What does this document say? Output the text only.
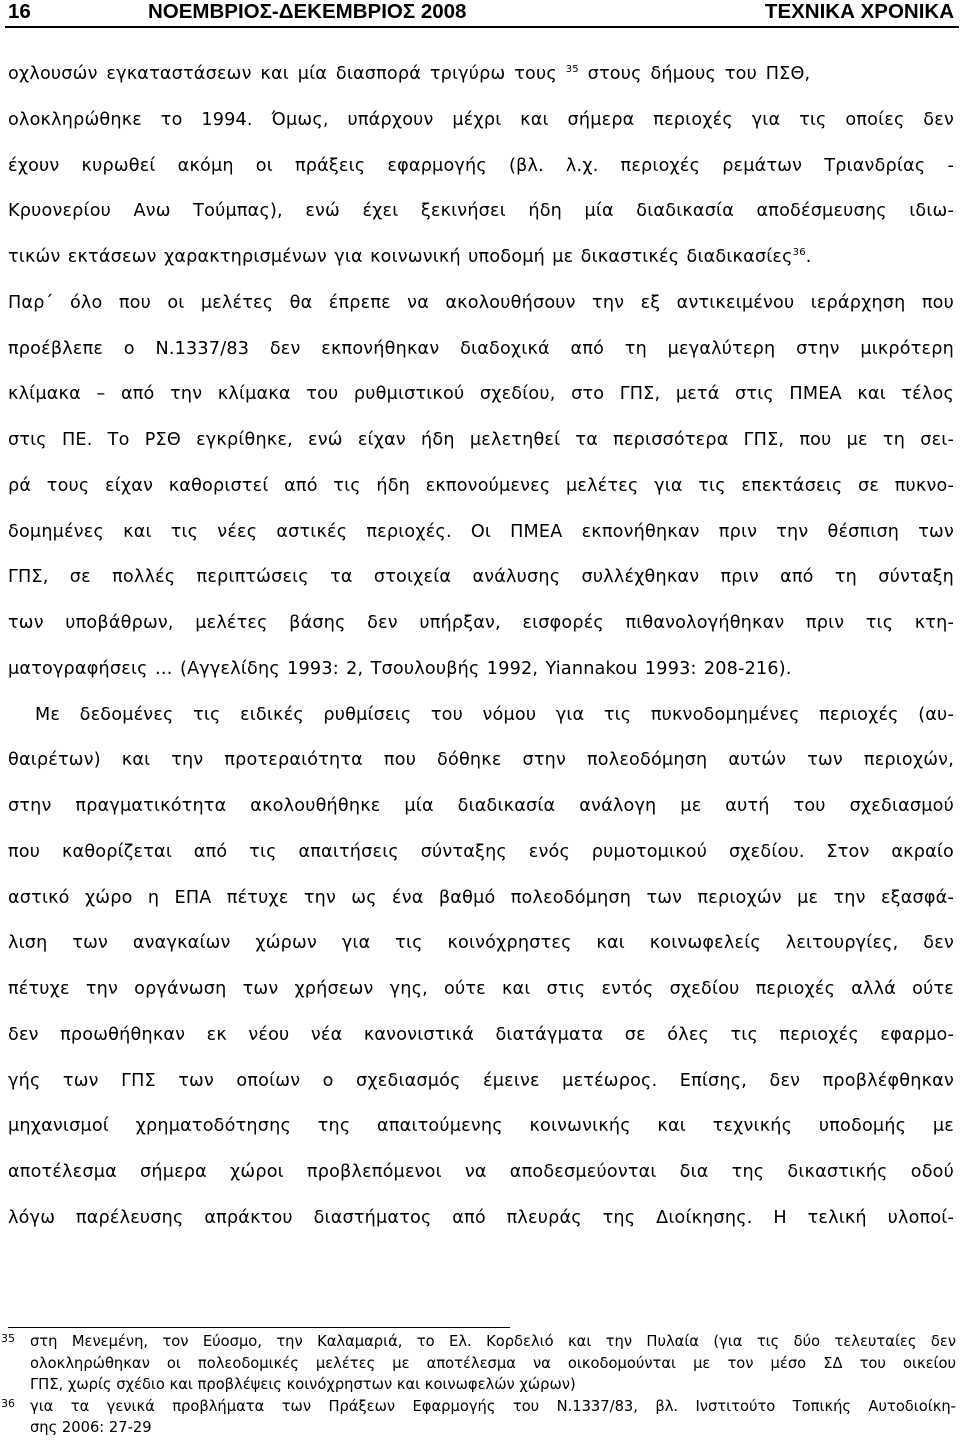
16	ΝΟΕΜΒΡΙΟΣ-ΔΕΚΕΜΒΡΙΟΣ 2008	ΤΕΧΝΙΚΑ ΧΡΟΝΙΚΑ
οχλουσών εγκαταστάσεων και μία διασπορά τριγύρω τους $^{35}$ στους δήμους του ΠΣΘ,
ολοκληρώθηκε το 1994. Όμως, υπάρχουν μέχρι και σήμερα περιοχές για τις οποίες δεν
έχουν κυρωθεί ακόμη οι πράξεις εφαρμογής (βλ. λ.χ. περιοχές ρεμάτων Τριανδρίας -
Κρυονερίου Ανω Τούμπας), ενώ έχει ξεκινήσει ήδη μία διαδικασία αποδέσμευσης ιδιω-
τικών εκτάσεων χαρακτηρισμένων για κοινωνική υποδομή με δικαστικές διαδικασίες$^{36}$.
Παρ΄ όλο που οι μελέτες θα έπρεπε να ακολουθήσουν την εξ αντικειμένου ιεράρχηση που
προέβλεπε ο Ν.1337/83 δεν εκπονήθηκαν διαδοχικά από τη μεγαλύτερη στην μικρότερη
κλίμακα – από την κλίμακα του ρυθμιστικού σχεδίου, στο ΓΠΣ, μετά στις ΠΜΕΑ και τέλος
στις ΠΕ. Το ΡΣΘ εγκρίθηκε, ενώ είχαν ήδη μελετηθεί τα περισσότερα ΓΠΣ, που με τη σει-
ρά τους είχαν καθοριστεί από τις ήδη εκπονούμενες μελέτες για τις επεκτάσεις σε πυκνο-
δομημένες και τις νέες αστικές περιοχές. Οι ΠΜΕΑ εκπονήθηκαν πριν την θέσπιση των
ΓΠΣ, σε πολλές περιπτώσεις τα στοιχεία ανάλυσης συλλέχθηκαν πριν από τη σύνταξη
των υποβάθρων, μελέτες βάσης δεν υπήρξαν, εισφορές πιθανολογήθηκαν πριν τις κτη-
ματογραφήσεις … (Αγγελίδης 1993: 2, Τσουλουβής 1992, Yiannakou 1993: 208-216).
Με δεδομένες τις ειδικές ρυθμίσεις του νόμου για τις πυκνοδομημένες περιοχές (αυ-
θαιρέτων) και την προτεραιότητα που δόθηκε στην πολεοδόμηση αυτών των περιοχών,
στην πραγματικότητα ακολουθήθηκε μία διαδικασία ανάλογη με αυτή του σχεδιασμού
που καθορίζεται από τις απαιτήσεις σύνταξης ενός ρυμοτομικού σχεδίου. Στον ακραίο
αστικό χώρο η ΕΠΑ πέτυχε την ως ένα βαθμό πολεοδόμηση των περιοχών με την εξασφά-
λιση των αναγκαίων χώρων για τις κοινόχρηστες και κοινωφελείς λειτουργίες, δεν
πέτυχε την οργάνωση των χρήσεων γης, ούτε και στις εντός σχεδίου περιοχές αλλά ούτε
δεν προωθήθηκαν εκ νέου νέα κανονιστικά διατάγματα σε όλες τις περιοχές εφαρμο-
γής των ΓΠΣ των οποίων ο σχεδιασμός έμεινε μετέωρος. Επίσης, δεν προβλέφθηκαν
μηχανισμοί χρηματοδότησης της απαιτούμενης κοινωνικής και τεχνικής υποδομής με
αποτέλεσμα σήμερα χώροι προβλεπόμενοι να αποδεσμεύονται δια της δικαστικής οδού
λόγω παρέλευσης απράκτου διαστήματος από πλευράς της Διοίκησης. Η τελική υλοποί-
35 στη Μενεμένη, τον Εύοσμο, την Καλαμαριά, το Ελ. Κορδελιό και την Πυλαία (για τις δύο τελευταίες δεν
ολοκληρώθηκαν οι πολεοδομικές μελέτες με αποτέλεσμα να οικοδομούνται με τον μέσο ΣΔ του οικείου
ΓΠΣ, χωρίς σχέδιο και προβλέψεις κοινόχρηστων και κοινωφελών χώρων)
36 για τα γενικά προβλήματα των Πράξεων Εφαρμογής του Ν.1337/83, βλ. Ινστιτούτο Τοπικής Αυτοδιοίκη-
σης 2006: 27-29
